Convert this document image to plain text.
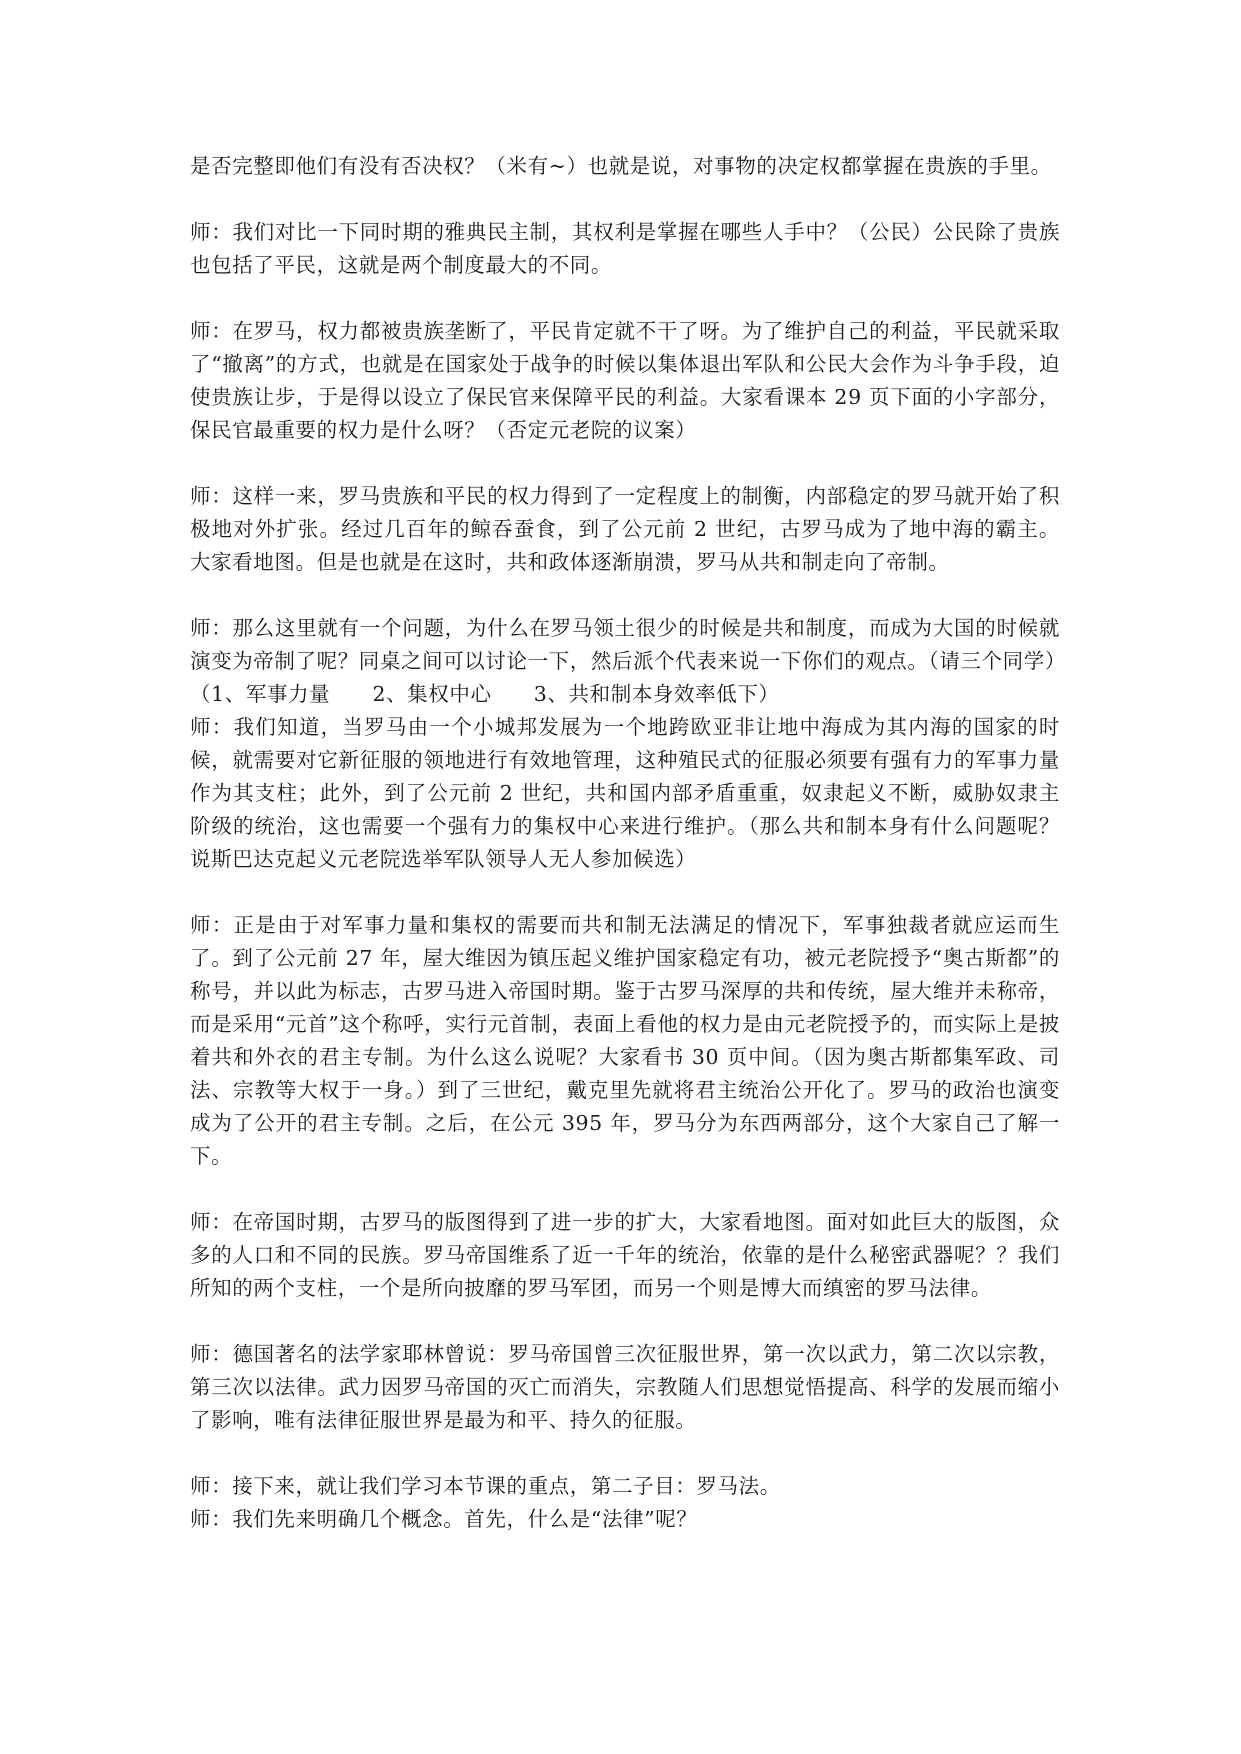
是否完整即他们有没有否决权？（米有~）也就是说，对事物的决定权都掌握在贵族的手里。

师：我们对比一下同时期的雅典民主制，其权利是掌握在哪些人手中？（公民）公民除了贵族也包括了平民，这就是两个制度最大的不同。

师：在罗马，权力都被贵族垄断了，平民肯定就不干了呀。为了维护自己的利益，平民就采取了“撤离”的方式，也就是在国家处于战争的时候以集体退出军队和公民大会作为斗争手段，迫使贵族让步，于是得以设立了保民官来保障平民的利益。大家看课本 29 页下面的小字部分，保民官最重要的权力是什么呀？（否定元老院的议案）

师：这样一来，罗马贵族和平民的权力得到了一定程度上的制衡，内部稳定的罗马就开始了积极地对外扩张。经过几百年的鲸吞蚕食，到了公元前 2 世纪，古罗马成为了地中海的霸主。大家看地图。但是也就是在这时，共和政体逐渐崩溃，罗马从共和制走向了帝制。

师：那么这里就有一个问题，为什么在罗马领土很少的时候是共和制度，而成为大国的时候就演变为帝制了呢？同桌之间可以讨论一下，然后派个代表来说一下你们的观点。（请三个同学）

（1、军事力量　　2、集权中心　　3、共和制本身效率低下）

师：我们知道，当罗马由一个小城邦发展为一个地跨欧亚非让地中海成为其内海的国家的时候，就需要对它新征服的领地进行有效地管理，这种殖民式的征服必须要有强有力的军事力量作为其支柱；此外，到了公元前 2 世纪，共和国内部矛盾重重，奴隶起义不断，威胁奴隶主阶级的统治，这也需要一个强有力的集权中心来进行维护。（那么共和制本身有什么问题呢？说斯巴达克起义元老院选举军队领导人无人参加候选）

师：正是由于对军事力量和集权的需要而共和制无法满足的情况下，军事独裁者就应运而生了。到了公元前 27 年，屋大维因为镇压起义维护国家稳定有功，被元老院授予“奥古斯都”的称号，并以此为标志，古罗马进入帝国时期。鉴于古罗马深厚的共和传统，屋大维并未称帝，而是采用“元首”这个称呼，实行元首制，表面上看他的权力是由元老院授予的，而实际上是披着共和外衣的君主专制。为什么这么说呢？大家看书 30 页中间。（因为奥古斯都集军政、司法、宗教等大权于一身。）到了三世纪，戴克里先就将君主统治公开化了。罗马的政治也演变成为了公开的君主专制。之后，在公元 395 年，罗马分为东西两部分，这个大家自己了解一下。

师：在帝国时期，古罗马的版图得到了进一步的扩大，大家看地图。面对如此巨大的版图，众多的人口和不同的民族。罗马帝国维系了近一千年的统治，依靠的是什么秘密武器呢？？我们所知的两个支柱，一个是所向披靡的罗马军团，而另一个则是博大而缜密的罗马法律。

师：德国著名的法学家耶林曾说：罗马帝国曾三次征服世界，第一次以武力，第二次以宗教，第三次以法律。武力因罗马帝国的灭亡而消失，宗教随人们思想觉悟提高、科学的发展而缩小了影响，唯有法律征服世界是最为和平、持久的征服。

师：接下来，就让我们学习本节课的重点，第二子目：罗马法。

师：我们先来明确几个概念。首先，什么是“法律”呢？
